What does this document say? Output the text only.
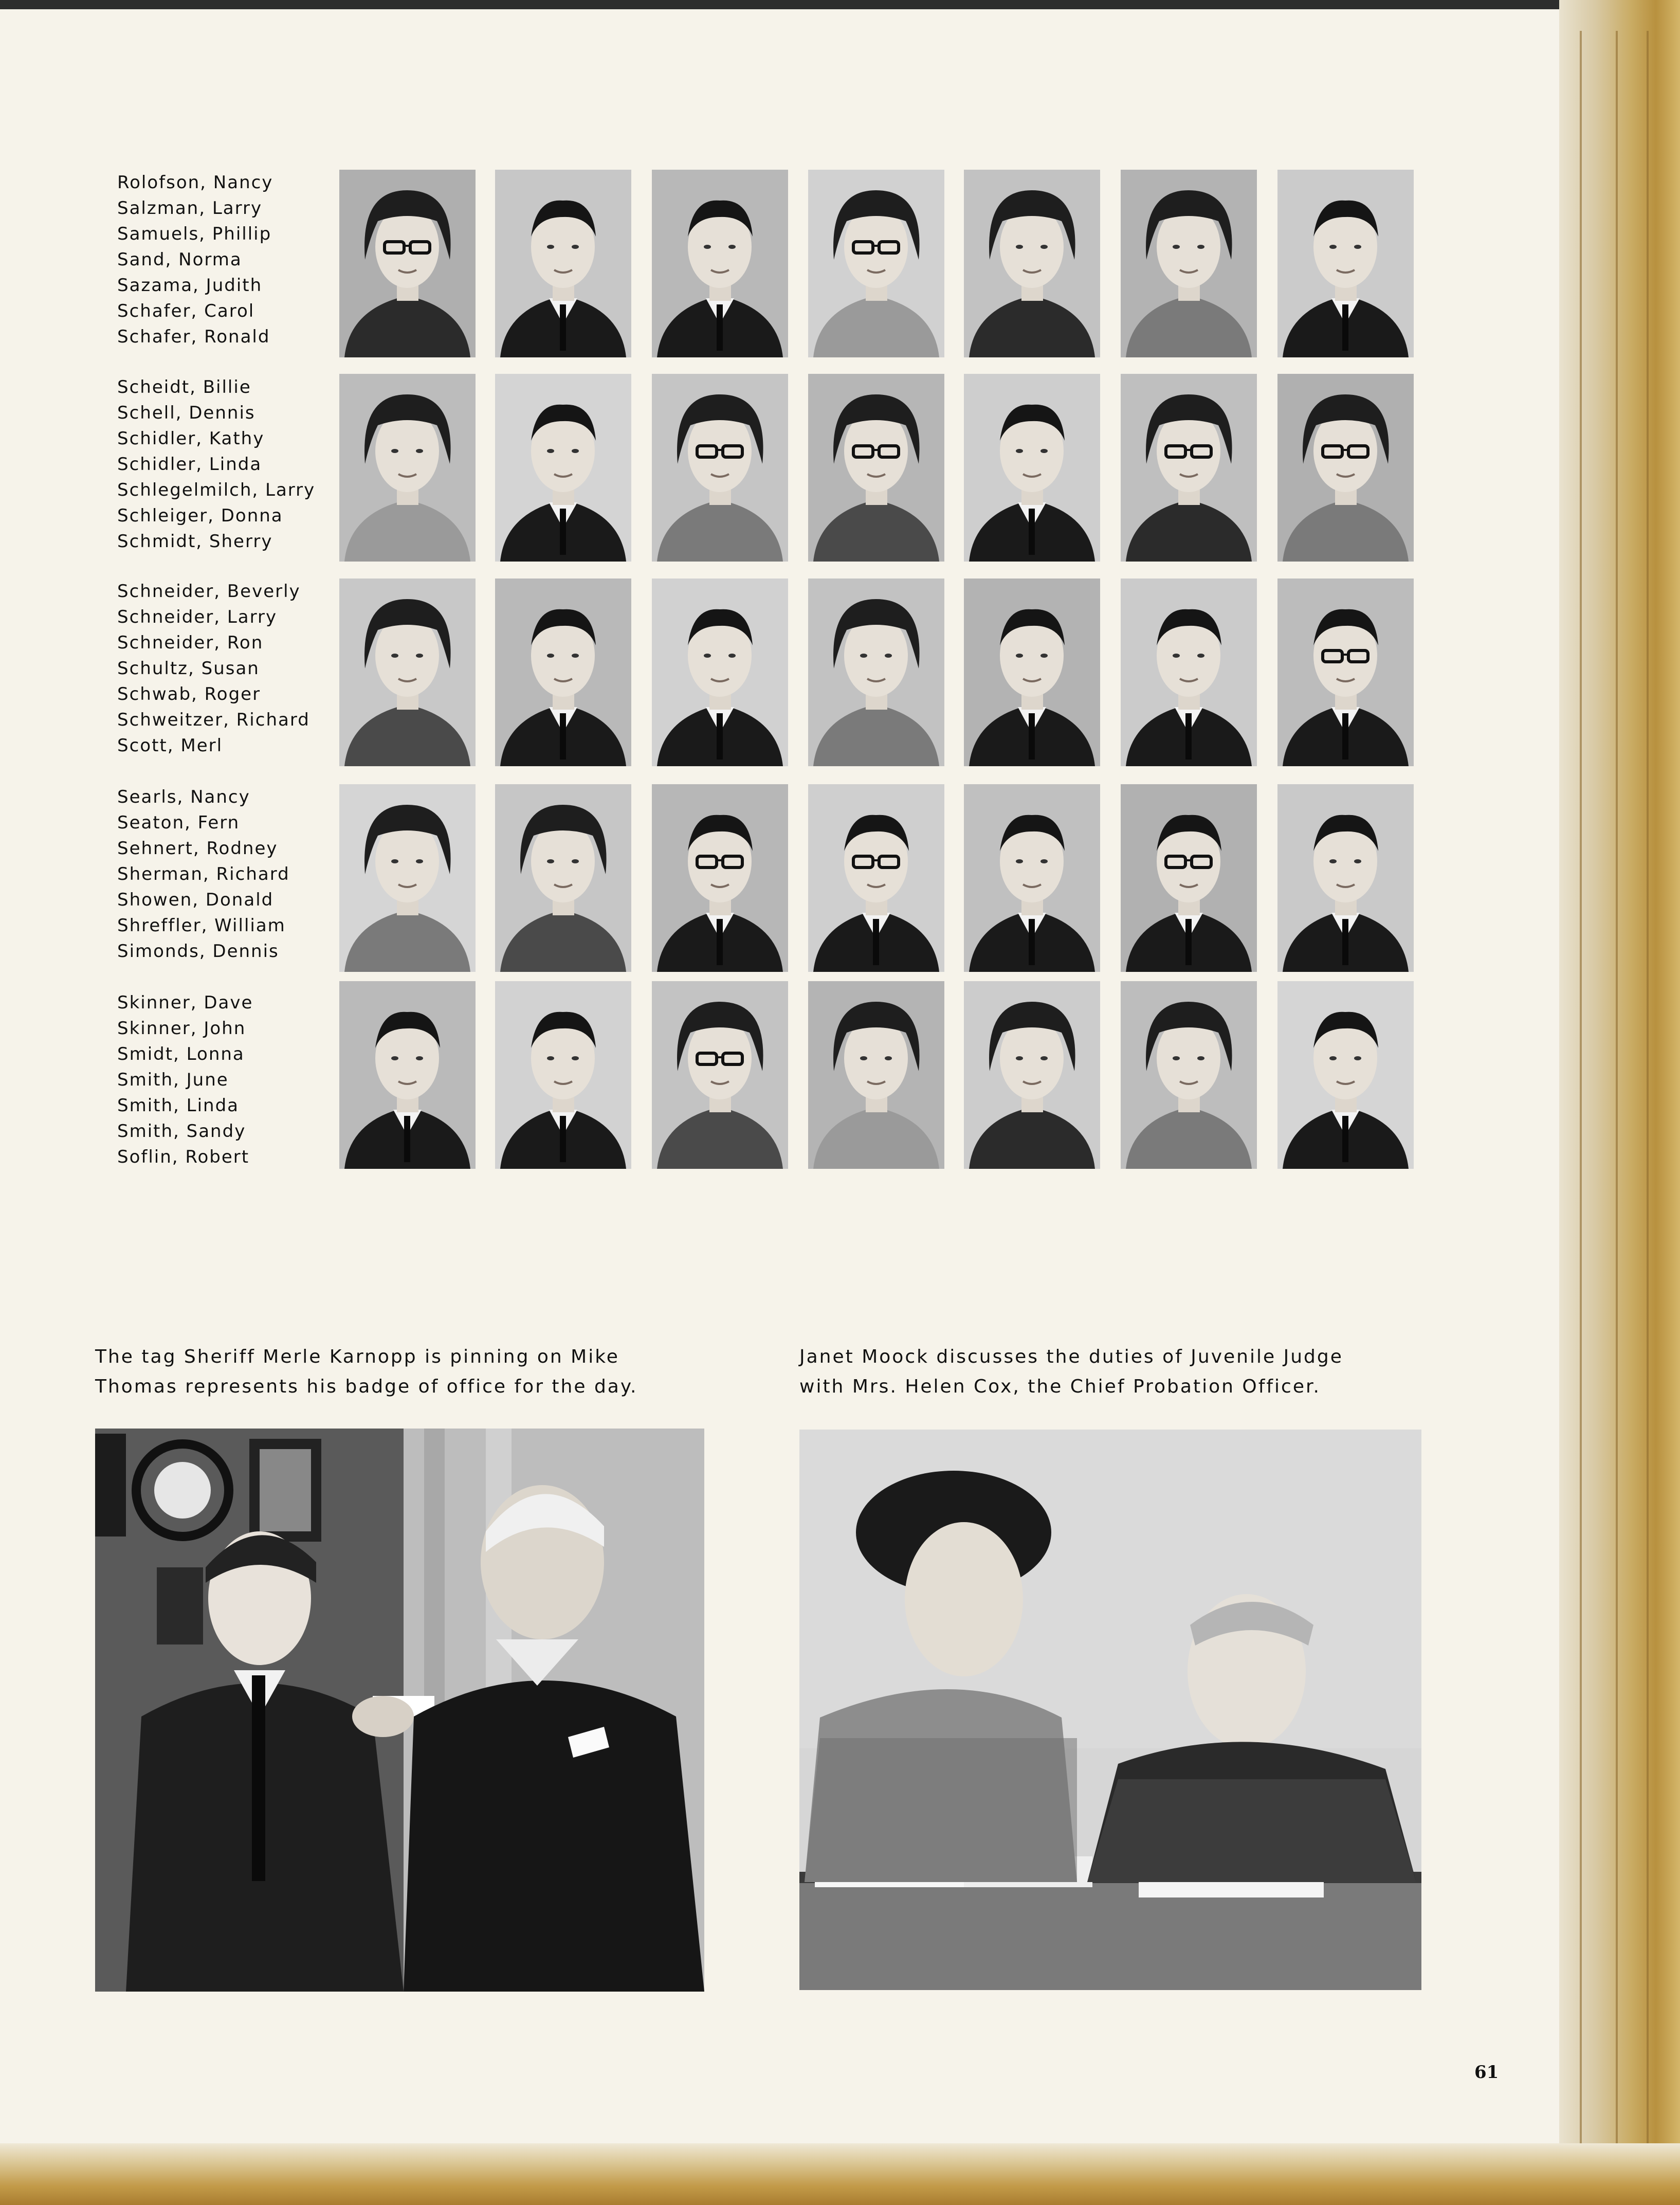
Rolofson, Nancy
Salzman, Larry
Samuels, Phillip
Sand, Norma
Sazama, Judith
Schafer, Carol
Schafer, Ronald
Scheidt, Billie
Schell, Dennis
Schidler, Kathy
Schidler, Linda
Schlegelmilch, Larry
Schleiger, Donna
Schmidt, Sherry
Schneider, Beverly
Schneider, Larry
Schneider, Ron
Schultz, Susan
Schwab, Roger
Schweitzer, Richard
Scott, Merl
Searls, Nancy
Seaton, Fern
Sehnert, Rodney
Sherman, Richard
Showen, Donald
Shreffler, William
Simonds, Dennis
Skinner, Dave
Skinner, John
Smidt, Lonna
Smith, June
Smith, Linda
Smith, Sandy
Soflin, Robert
The tag Sheriff Merle Karnopp is pinning on Mike
Thomas represents his badge of office for the day.
Janet Moock discusses the duties of Juvenile Judge
with Mrs. Helen Cox, the Chief Probation Officer.
61
